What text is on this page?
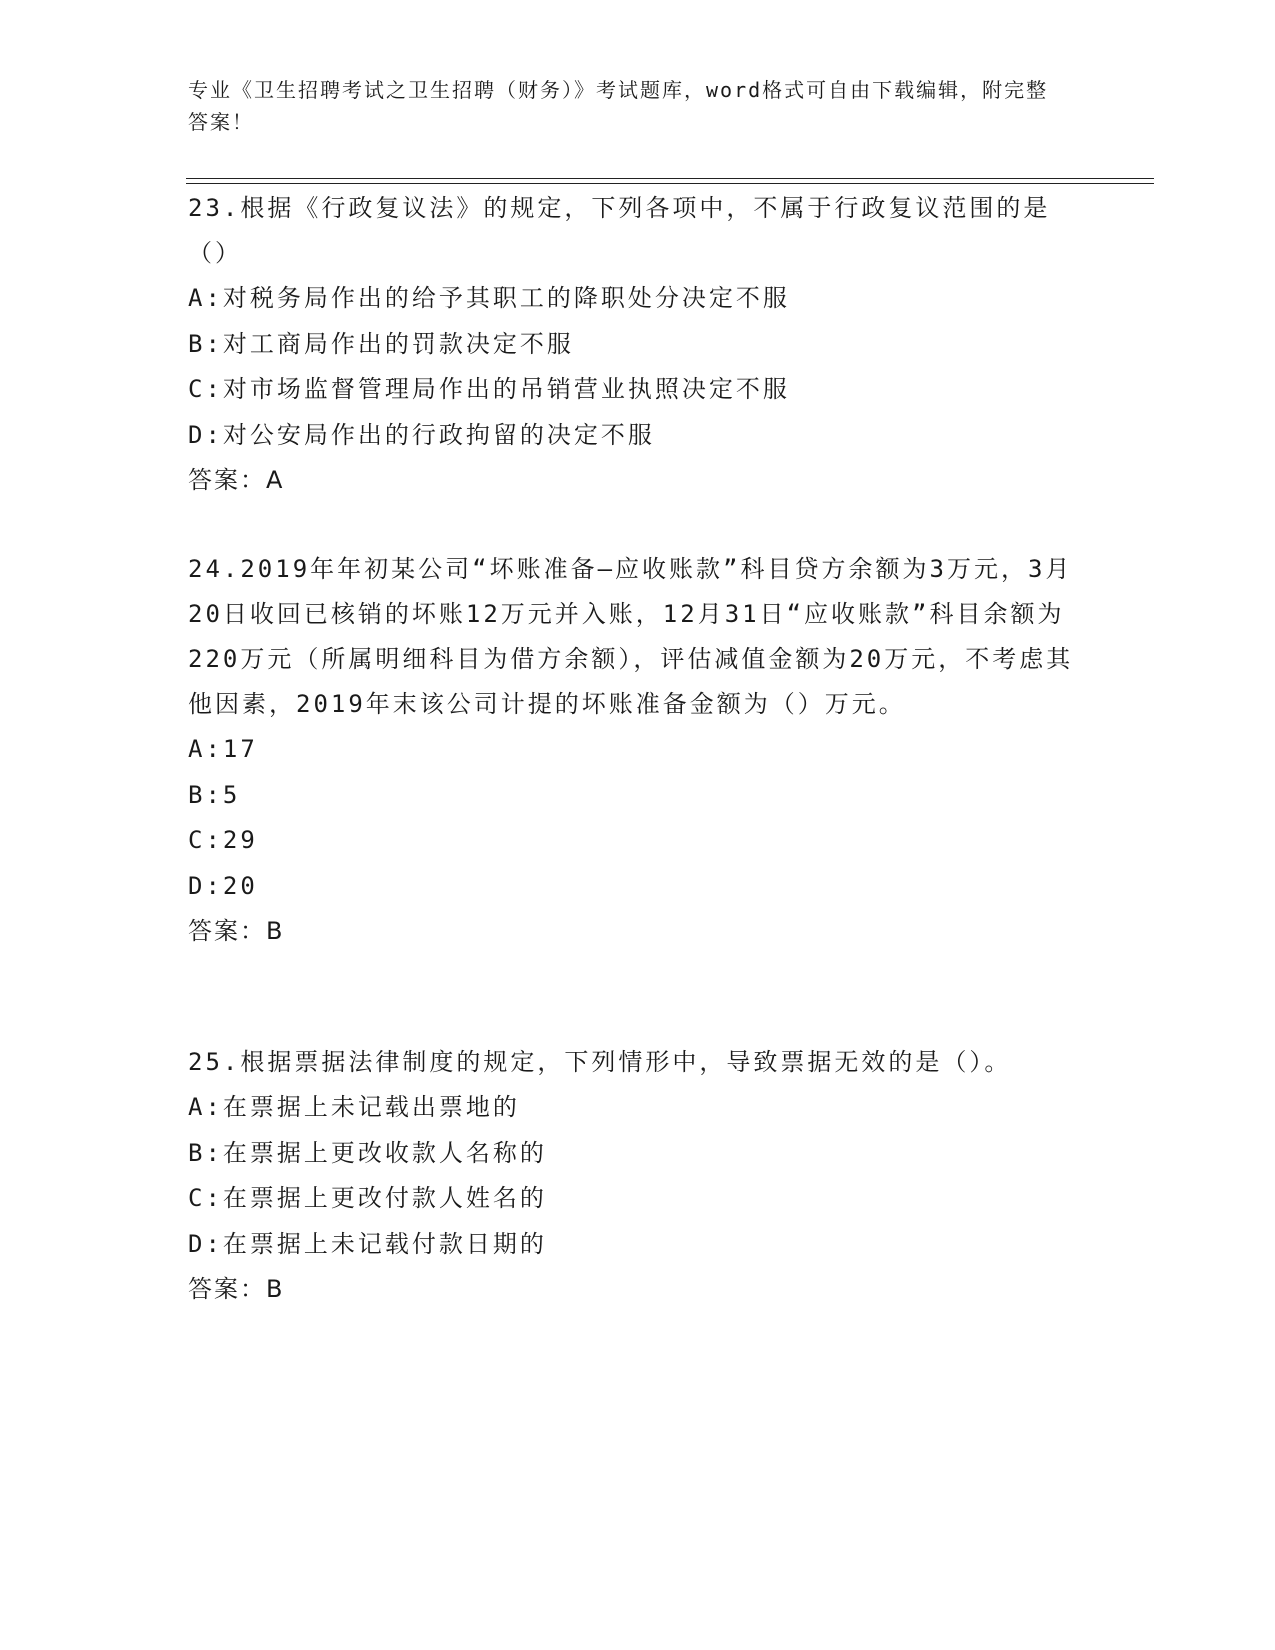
专业《卫生招聘考试之卫生招聘（财务）》考试题库，word格式可自由下载编辑，附完整答案！
23.根据《行政复议法》的规定，下列各项中，不属于行政复议范围的是（）
A:对税务局作出的给予其职工的降职处分决定不服
B:对工商局作出的罚款决定不服
C:对市场监督管理局作出的吊销营业执照决定不服
D:对公安局作出的行政拘留的决定不服
答案：A
24.2019年年初某公司“坏账准备—应收账款”科目贷方余额为3万元，3月20日收回已核销的坏账12万元并入账，12月31日“应收账款”科目余额为220万元（所属明细科目为借方余额），评估减值金额为20万元，不考虑其他因素，2019年末该公司计提的坏账准备金额为（）万元。
A:17
B:5
C:29
D:20
答案：B
25.根据票据法律制度的规定，下列情形中，导致票据无效的是（）。
A:在票据上未记载出票地的
B:在票据上更改收款人名称的
C:在票据上更改付款人姓名的
D:在票据上未记载付款日期的
答案：B
